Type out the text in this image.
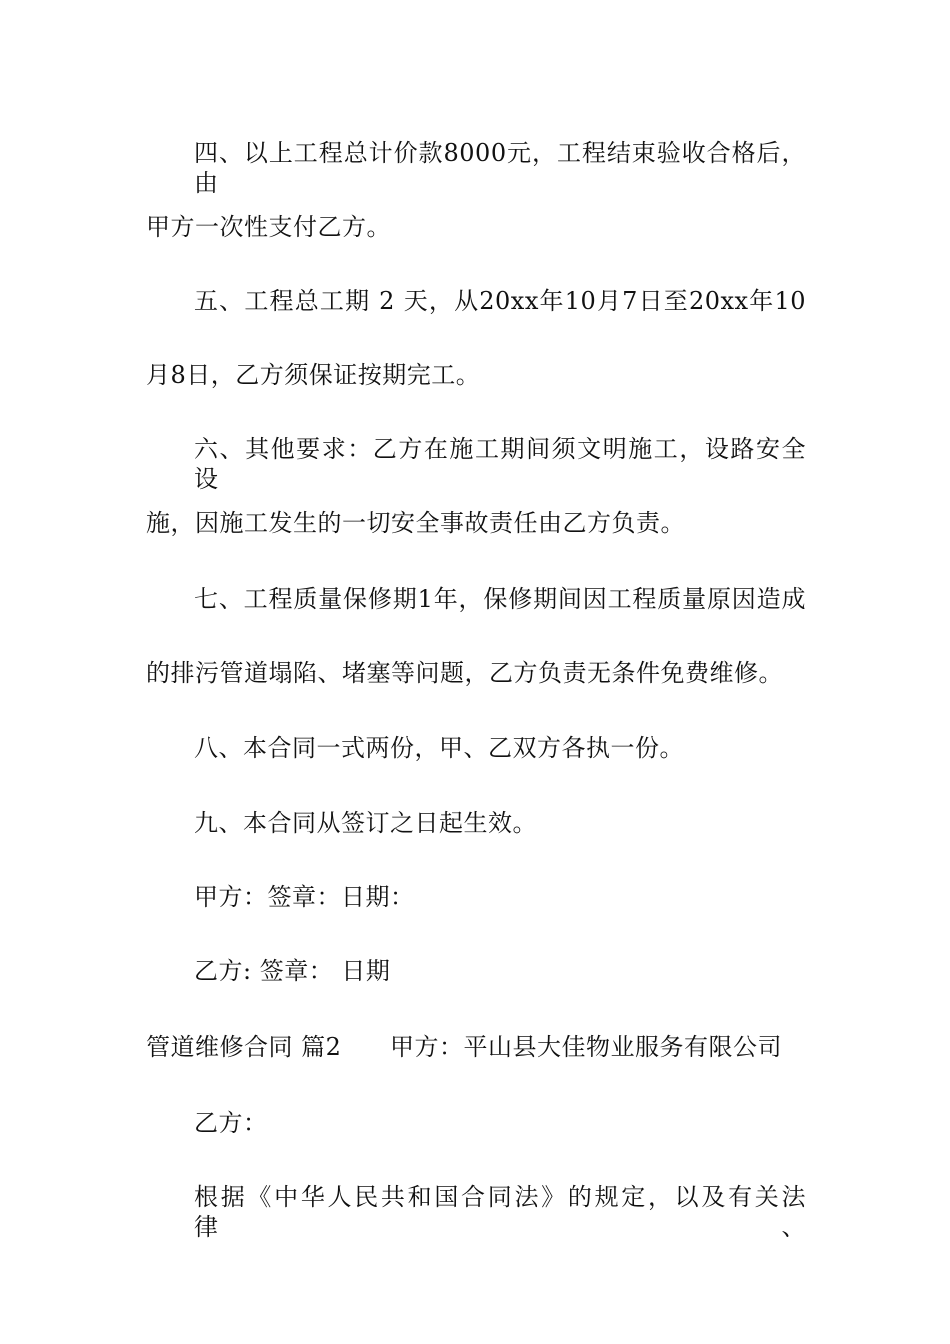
四、以上工程总计价款8000元，工程结束验收合格后，由
甲方一次性支付乙方。
五、工程总工期 2 天，从20xx年10月7日至20xx年10
月8日，乙方须保证按期完工。
六、其他要求：乙方在施工期间须文明施工，设路安全 设
施，因施工发生的一切安全事故责任由乙方负责。
七、工程质量保修期1年，保修期间因工程质量原因造成
的排污管道塌陷、堵塞等问题，乙方负责无条件免费维修。
八、本合同一式两份，甲、乙双方各执一份。
九、本合同从签订之日起生效。
甲方：签章：日期：
乙方: 签章： 日期
管道维修合同 篇2 甲方：平山县大佳物业服务有限公司
乙方：
根据《中华人民共和国合同法》的规定，以及有关法律、
